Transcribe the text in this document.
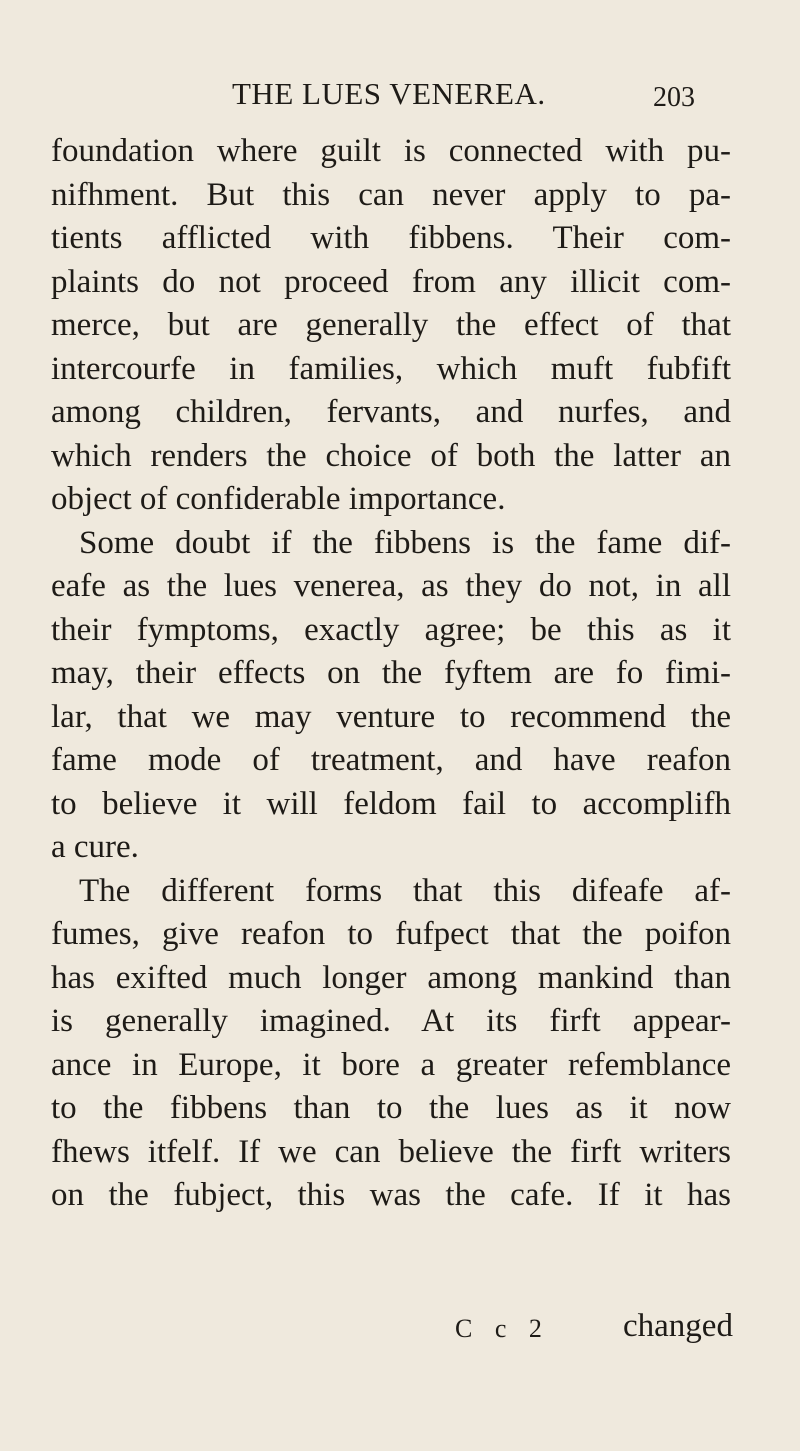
THE LUES VENEREA.	203
foundation where guilt is connected with pu-
nifhment. But this can never apply to pa-
tients afflicted with fibbens. Their com-
plaints do not proceed from any illicit com-
merce, but are generally the effect of that
intercourfe in families, which muft fubfift
among children, fervants, and nurfes, and
which renders the choice of both the latter an
object of confiderable importance.
Some doubt if the fibbens is the fame dif-
eafe as the lues venerea, as they do not, in all
their fymptoms, exactly agree; be this as it
may, their effects on the fyftem are fo fimi-
lar, that we may venture to recommend the
fame mode of treatment, and have reafon
to believe it will feldom fail to accomplifh
a cure.
The different forms that this difeafe af-
fumes, give reafon to fufpect that the poifon
has exifted much longer among mankind than
is generally imagined. At its firft appear-
ance in Europe, it bore a greater refemblance
to the fibbens than to the lues as it now
fhews itfelf. If we can believe the firft writers
on the fubject, this was the cafe. If it has
C c 2 changed
